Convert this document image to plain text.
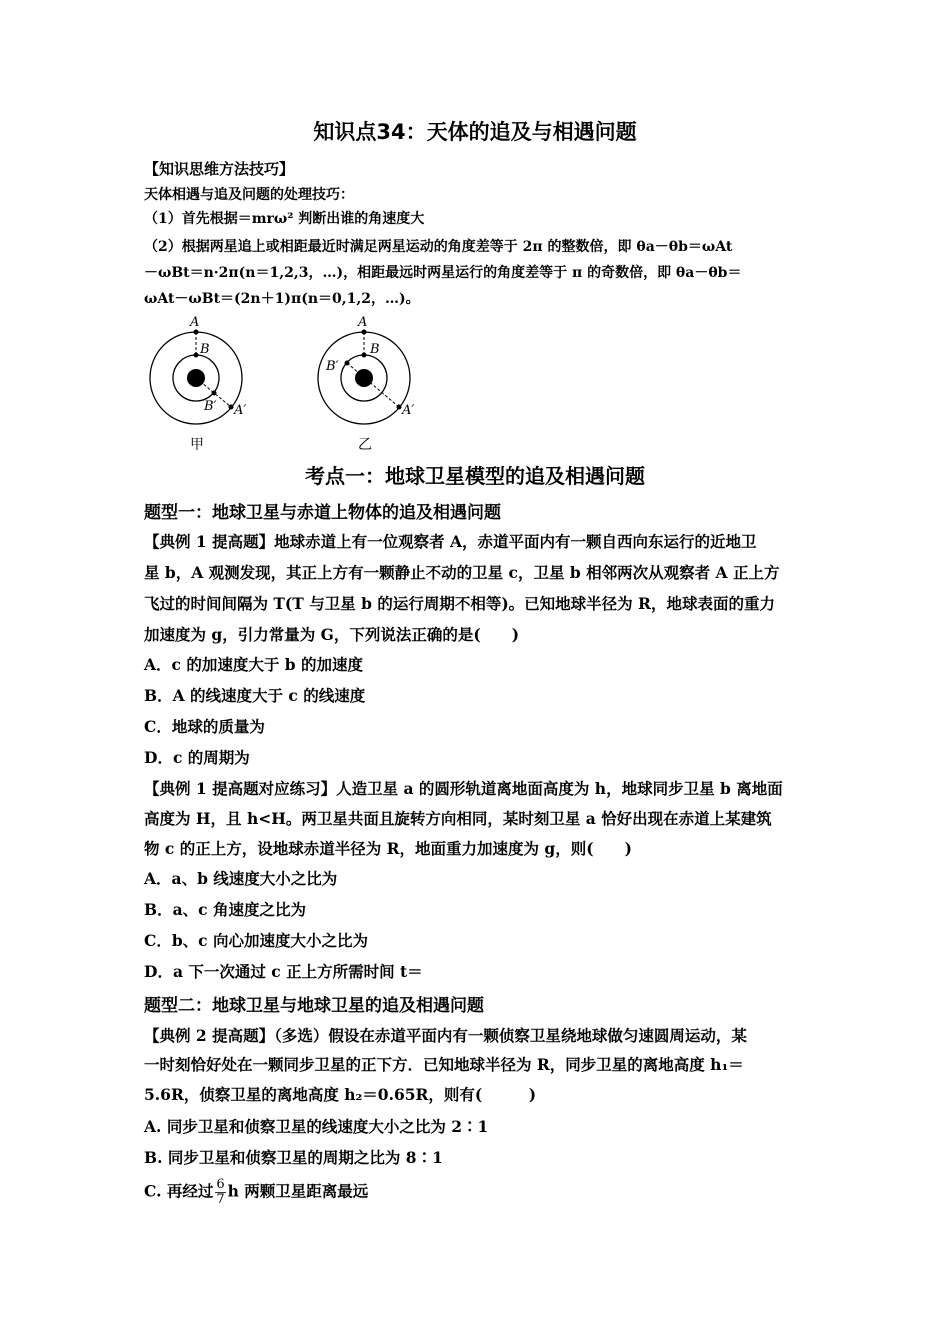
知识点34：天体的追及与相遇问题
【知识思维方法技巧】
天体相遇与追及问题的处理技巧：
（1）首先根据＝mrω² 判断出谁的角速度大
（2）根据两星追上或相距最近时满足两星运动的角度差等于 2π 的整数倍，即 θa－θb＝ωAt
－ωBt＝n·2π(n＝1,2,3，…)，相距最远时两星运行的角度差等于 π 的奇数倍，即 θa－θb＝
ωAt－ωBt＝(2n＋1)π(n＝0,1,2，…)。
A
B
B′ A′
甲
A
B
B′
A′
乙
考点一：地球卫星模型的追及相遇问题
题型一：地球卫星与赤道上物体的追及相遇问题
【典例 1 提高题】地球赤道上有一位观察者 A，赤道平面内有一颗自西向东运行的近地卫
星 b，A 观测发现，其正上方有一颗静止不动的卫星 c，卫星 b 相邻两次从观察者 A 正上方
飞过的时间间隔为 T(T 与卫星 b 的运行周期不相等)。已知地球半径为 R，地球表面的重力
加速度为 g，引力常量为 G，下列说法正确的是(　　)
A．c 的加速度大于 b 的加速度
B．A 的线速度大于 c 的线速度
C．地球的质量为
D．c 的周期为
【典例 1 提高题对应练习】人造卫星 a 的圆形轨道离地面高度为 h，地球同步卫星 b 离地面
高度为 H，且 h<H。两卫星共面且旋转方向相同，某时刻卫星 a 恰好出现在赤道上某建筑
物 c 的正上方，设地球赤道半径为 R，地面重力加速度为 g，则(　　)
A．a、b 线速度大小之比为
B．a、c 角速度之比为
C．b、c 向心加速度大小之比为
D．a 下一次通过 c 正上方所需时间 t＝
题型二：地球卫星与地球卫星的追及相遇问题
【典例 2 提高题】（多选）假设在赤道平面内有一颗侦察卫星绕地球做匀速圆周运动，某
一时刻恰好处在一颗同步卫星的正下方．已知地球半径为 R，同步卫星的离地高度 h₁＝
5.6R，侦察卫星的离地高度 h₂＝0.65R，则有(　　　)
A. 同步卫星和侦察卫星的线速度大小之比为 2∶1
B. 同步卫星和侦察卫星的周期之比为 8∶1
C. 再经过 $\frac{6}{7}$ h 两颗卫星距离最远
